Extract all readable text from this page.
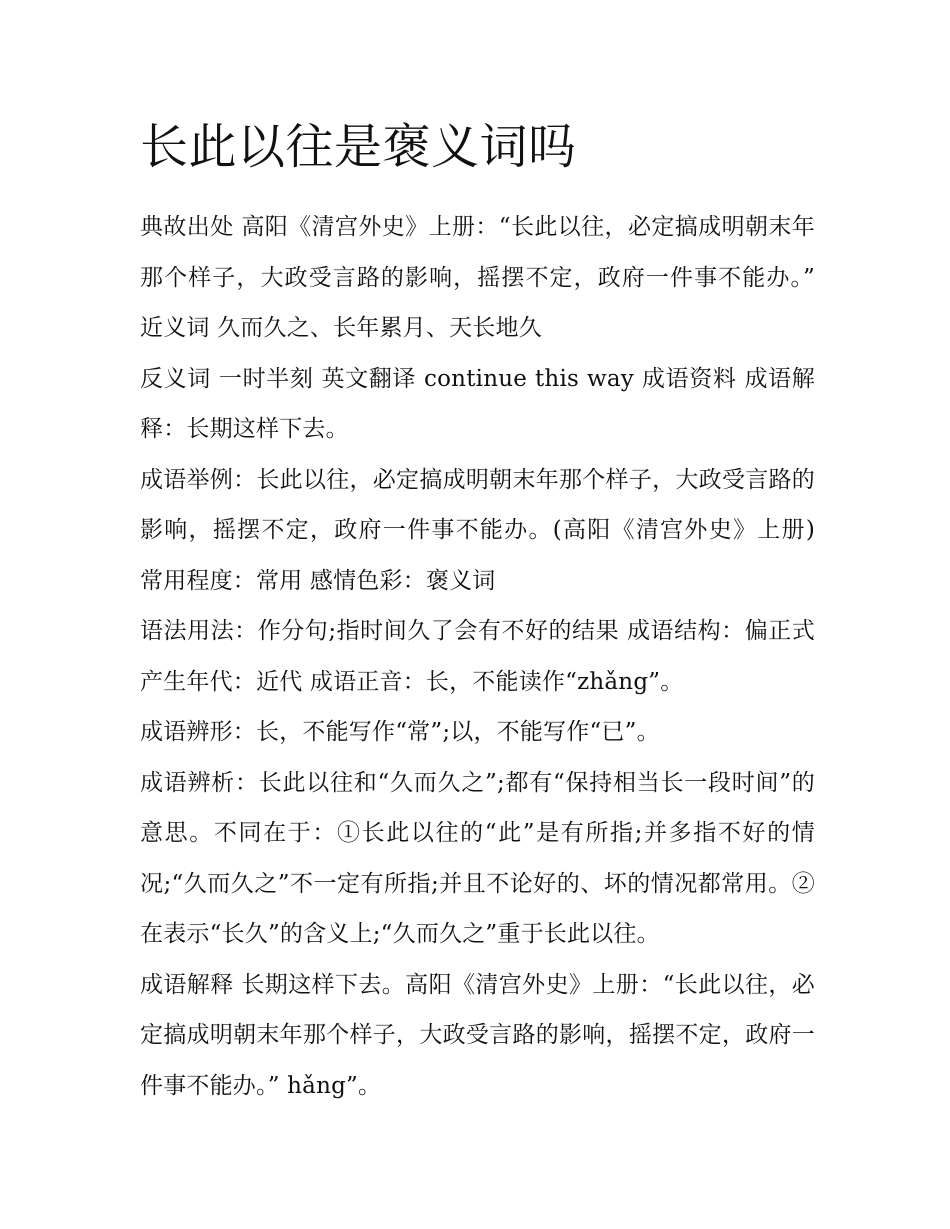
长此以往是褒义词吗

典故出处 高阳《清宫外史》上册：“长此以往，必定搞成明朝末年那个样子，大政受言路的影响，摇摆不定，政府一件事不能办。” 近义词 久而久之、长年累月、天长地久

反义词 一时半刻 英文翻译 continue this way 成语资料 成语解释：长期这样下去。

成语举例：长此以往，必定搞成明朝末年那个样子，大政受言路的影响，摇摆不定，政府一件事不能办。(高阳《清宫外史》上册) 常用程度：常用 感情色彩：褒义词

语法用法：作分句;指时间久了会有不好的结果 成语结构：偏正式 产生年代：近代 成语正音：长，不能读作“zhǎng”。

成语辨形：长，不能写作“常”;以，不能写作“已”。

成语辨析：长此以往和“久而久之”;都有“保持相当长一段时间”的意思。不同在于：①长此以往的“此”是有所指;并多指不好的情况;“久而久之”不一定有所指;并且不论好的、坏的情况都常用。②在表示“长久”的含义上;“久而久之”重于长此以往。

成语解释 长期这样下去。高阳《清宫外史》上册：“长此以往，必定搞成明朝末年那个样子，大政受言路的影响，摇摆不定，政府一件事不能办。” hǎng”。
